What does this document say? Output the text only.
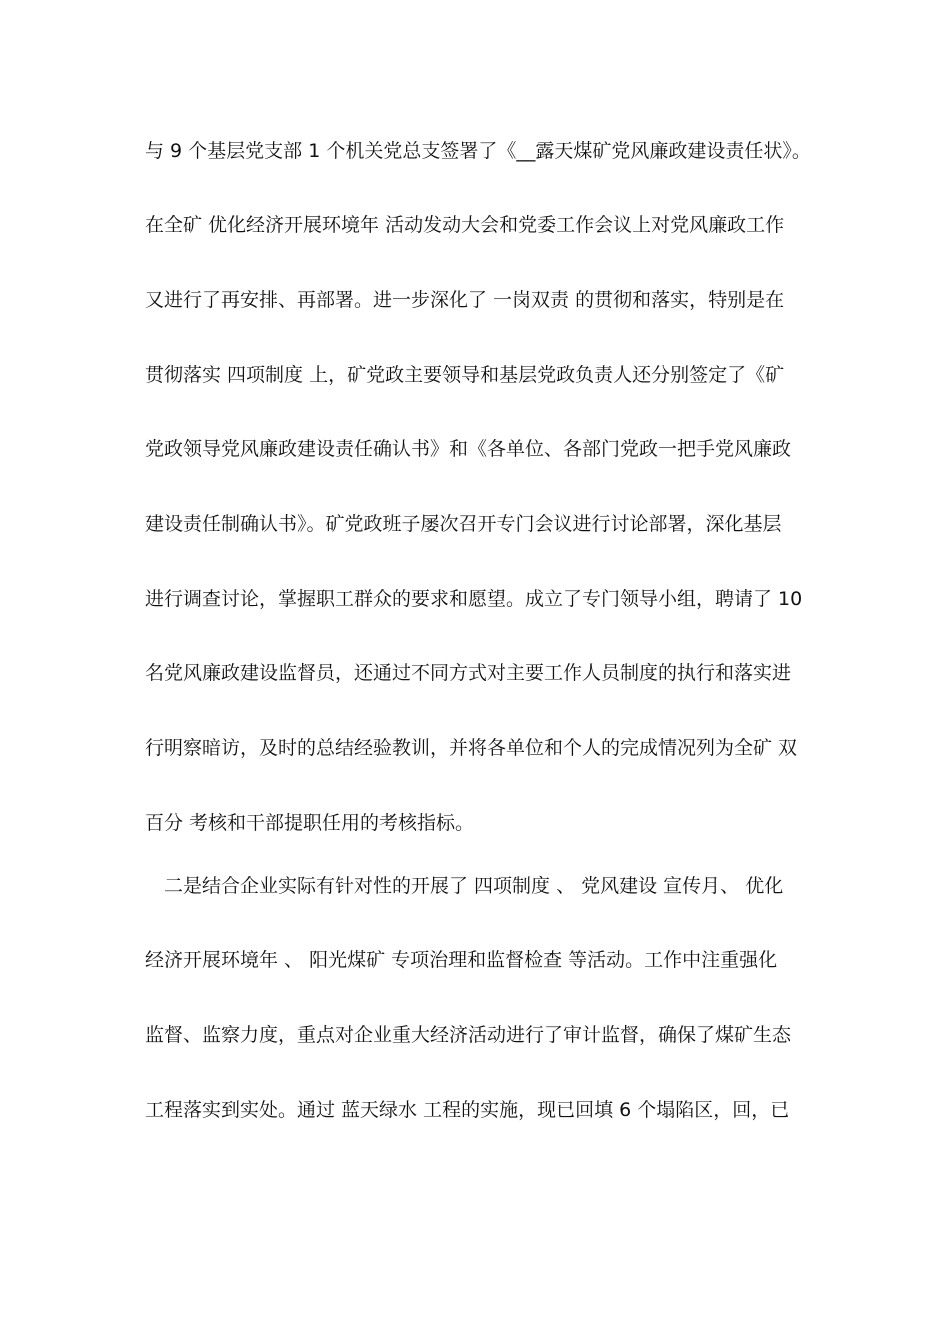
与 9 个基层党支部 1 个机关党总支签署了《__露天煤矿党风廉政建设责任状》。
在全矿 优化经济开展环境年 活动发动大会和党委工作会议上对党风廉政工作
又进行了再安排、再部署。进一步深化了 一岗双责 的贯彻和落实，特别是在
贯彻落实 四项制度 上，矿党政主要领导和基层党政负责人还分别签定了《矿
党政领导党风廉政建设责任确认书》和《各单位、各部门党政一把手党风廉政
建设责任制确认书》。矿党政班子屡次召开专门会议进行讨论部署，深化基层
进行调查讨论，掌握职工群众的要求和愿望。成立了专门领导小组，聘请了 10
名党风廉政建设监督员，还通过不同方式对主要工作人员制度的执行和落实进
行明察暗访，及时的总结经验教训，并将各单位和个人的完成情况列为全矿 双
百分 考核和干部提职任用的考核指标。
二是结合企业实际有针对性的开展了 四项制度 、 党风建设 宣传月、 优化
经济开展环境年 、 阳光煤矿 专项治理和监督检查 等活动。工作中注重强化
监督、监察力度，重点对企业重大经济活动进行了审计监督，确保了煤矿生态
工程落实到实处。通过 蓝天绿水 工程的实施，现已回填 6 个塌陷区，回，已
